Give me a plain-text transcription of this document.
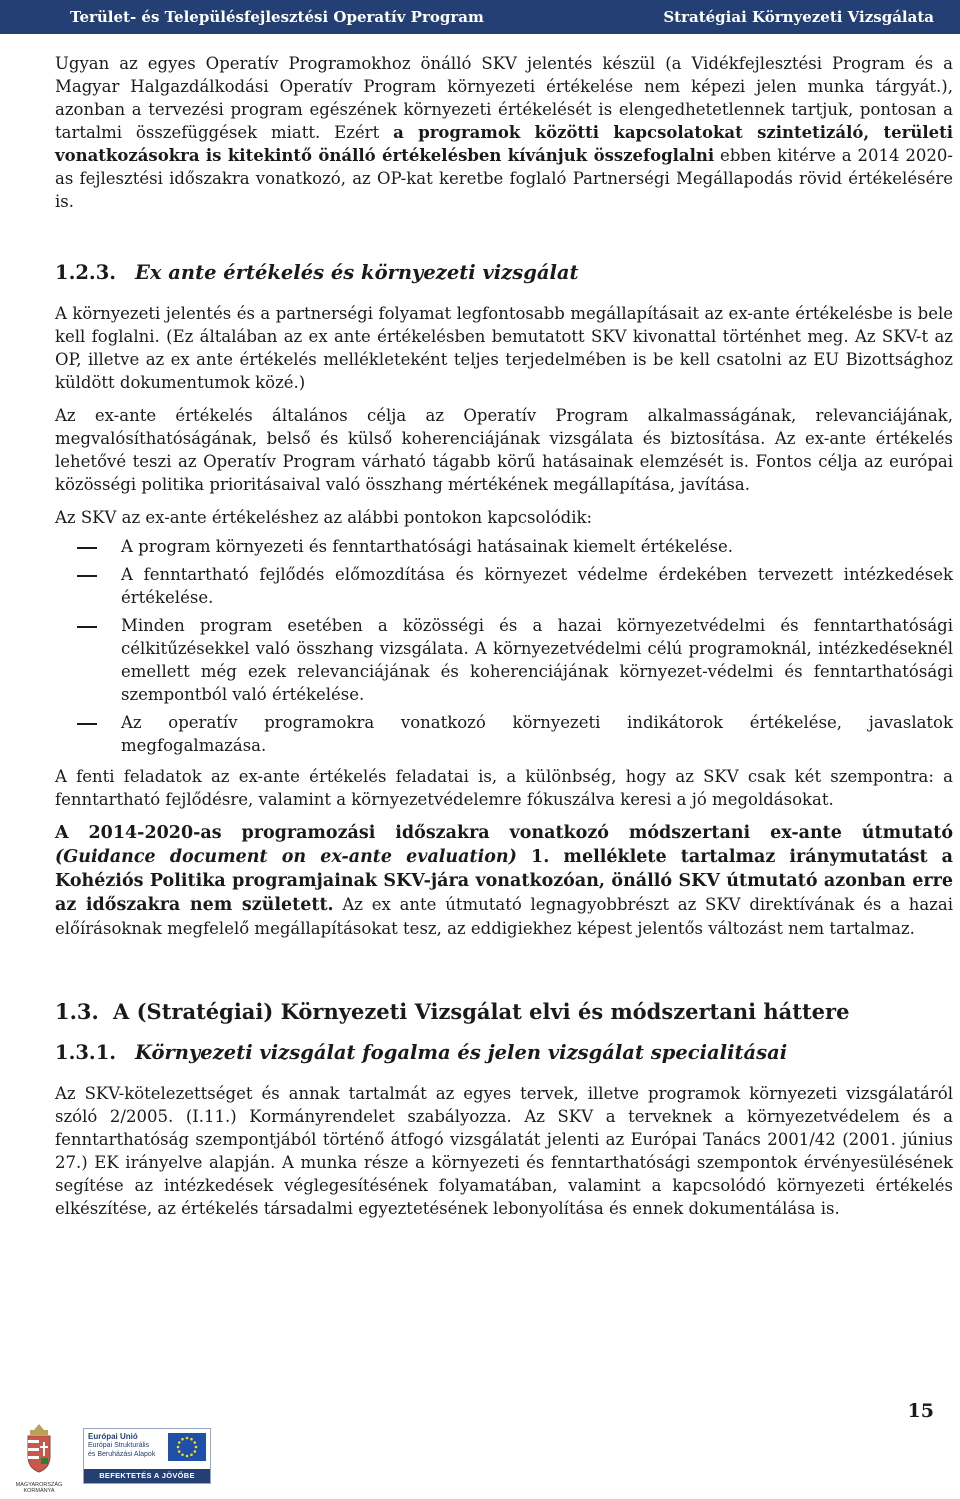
Terület- és Településfejlesztési Operatív Program	Stratégiai Környezeti Vizsgálata

Ugyan az egyes Operatív Programokhoz önálló SKV jelentés készül (a Vidékfejlesztési Program és a Magyar Halgazdálkodási Operatív Program környezeti értékelése nem képezi jelen munka tárgyát.), azonban a tervezési program egészének környezeti értékelését is elengedhetetlennek tartjuk, pontosan a tartalmi összefüggések miatt. Ezért a programok közötti kapcsolatokat szintetizáló, területi vonatkozásokra is kitekintő önálló értékelésben kívánjuk összefoglalni ebben kitérve a 2014 2020-as fejlesztési időszakra vonatkozó, az OP-kat keretbe foglaló Partnerségi Megállapodás rövid értékelésére is.

1.2.3. Ex ante értékelés és környezeti vizsgálat

A környezeti jelentés és a partnerségi folyamat legfontosabb megállapításait az ex-ante értékelésbe is bele kell foglalni. (Ez általában az ex ante értékelésben bemutatott SKV kivonattal történhet meg. Az SKV-t az OP, illetve az ex ante értékelés mellékleteként teljes terjedelmében is be kell csatolni az EU Bizottsághoz küldött dokumentumok közé.)

Az ex-ante értékelés általános célja az Operatív Program alkalmasságának, relevanciájának, megvalósíthatóságának, belső és külső koherenciájának vizsgálata és biztosítása. Az ex-ante értékelés lehetővé teszi az Operatív Program várható tágabb körű hatásainak elemzését is. Fontos célja az európai közösségi politika prioritásaival való összhang mértékének megállapítása, javítása.

Az SKV az ex-ante értékeléshez az alábbi pontokon kapcsolódik:

A program környezeti és fenntarthatósági hatásainak kiemelt értékelése.
A fenntartható fejlődés előmozdítása és környezet védelme érdekében tervezett intézkedések értékelése.
Minden program esetében a közösségi és a hazai környezetvédelmi és fenntarthatósági célkitűzésekkel való összhang vizsgálata. A környezetvédelmi célú programoknál, intézkedéseknél emellett még ezek relevanciájának és koherenciájának környezet-védelmi és fenntarthatósági szempontból való értékelése.
Az operatív programokra vonatkozó környezeti indikátorok értékelése, javaslatok megfogalmazása.

A fenti feladatok az ex-ante értékelés feladatai is, a különbség, hogy az SKV csak két szempontra: a fenntartható fejlődésre, valamint a környezetvédelemre fókuszálva keresi a jó megoldásokat.

A 2014-2020-as programozási időszakra vonatkozó módszertani ex-ante útmutató (Guidance document on ex-ante evaluation) 1. melléklete tartalmaz iránymutatást a Kohéziós Politika programjainak SKV-jára vonatkozóan, önálló SKV útmutató azonban erre az időszakra nem született. Az ex ante útmutató legnagyobbrészt az SKV direktívának és a hazai előírásoknak megfelelő megállapításokat tesz, az eddigiekhez képest jelentős változást nem tartalmaz.

1.3. A (Stratégiai) Környezeti Vizsgálat elvi és módszertani háttere
1.3.1. Környezeti vizsgálat fogalma és jelen vizsgálat specialitásai

Az SKV-kötelezettséget és annak tartalmát az egyes tervek, illetve programok környezeti vizsgálatáról szóló 2/2005. (I.11.) Kormányrendelet szabályozza. Az SKV a terveknek a környezetvédelem és a fenntarthatóság szempontjából történő átfogó vizsgálatát jelenti az Európai Tanács 2001/42 (2001. június 27.) EK irányelve alapján. A munka része a környezeti és fenntarthatósági szempontok érvényesülésének segítése az intézkedések véglegesítésének folyamatában, valamint a kapcsolódó környezeti értékelés elkészítése, az értékelés társadalmi egyeztetésének lebonyolítása és ennek dokumentálása is.

15
MAGYARORSZÁG KORMÁNYA
Európai Unió
Európai Strukturális
és Beruházási Alapok
BEFEKTETÉS A JÖVŐBE
